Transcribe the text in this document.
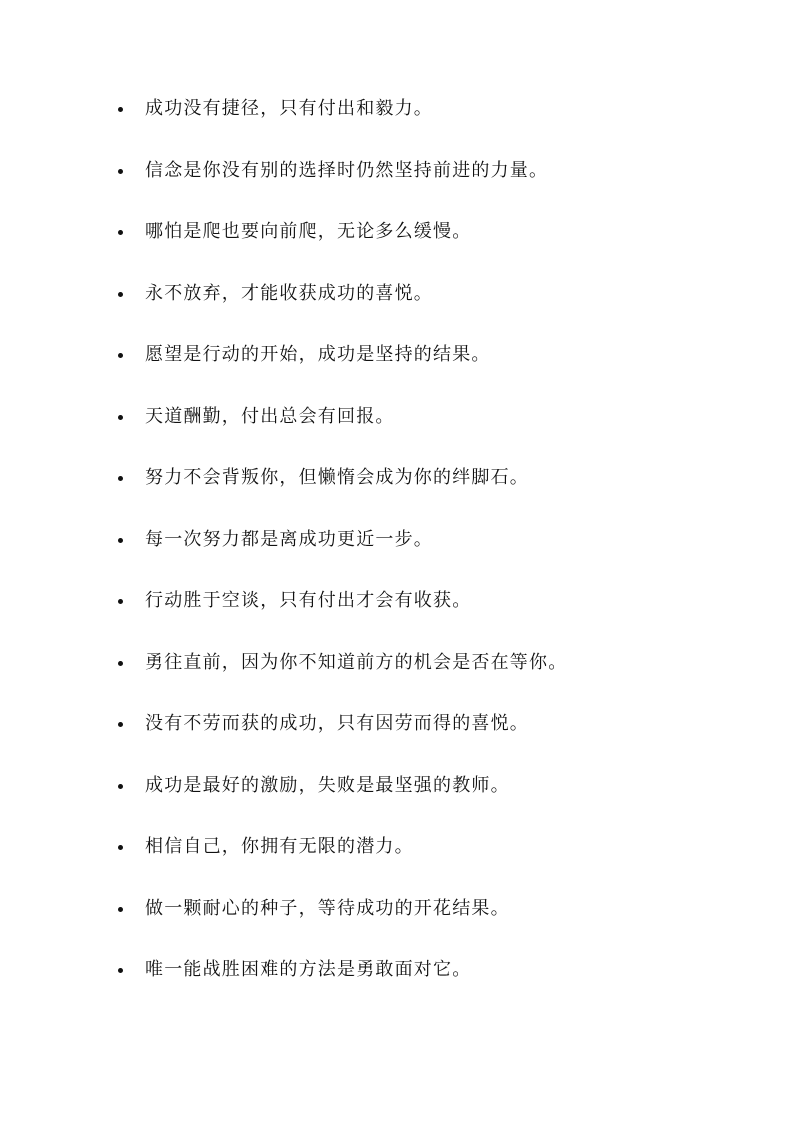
成功没有捷径，只有付出和毅力。
信念是你没有别的选择时仍然坚持前进的力量。
哪怕是爬也要向前爬，无论多么缓慢。
永不放弃，才能收获成功的喜悦。
愿望是行动的开始，成功是坚持的结果。
天道酬勤，付出总会有回报。
努力不会背叛你，但懒惰会成为你的绊脚石。
每一次努力都是离成功更近一步。
行动胜于空谈，只有付出才会有收获。
勇往直前，因为你不知道前方的机会是否在等你。
没有不劳而获的成功，只有因劳而得的喜悦。
成功是最好的激励，失败是最坚强的教师。
相信自己，你拥有无限的潜力。
做一颗耐心的种子，等待成功的开花结果。
唯一能战胜困难的方法是勇敢面对它。
